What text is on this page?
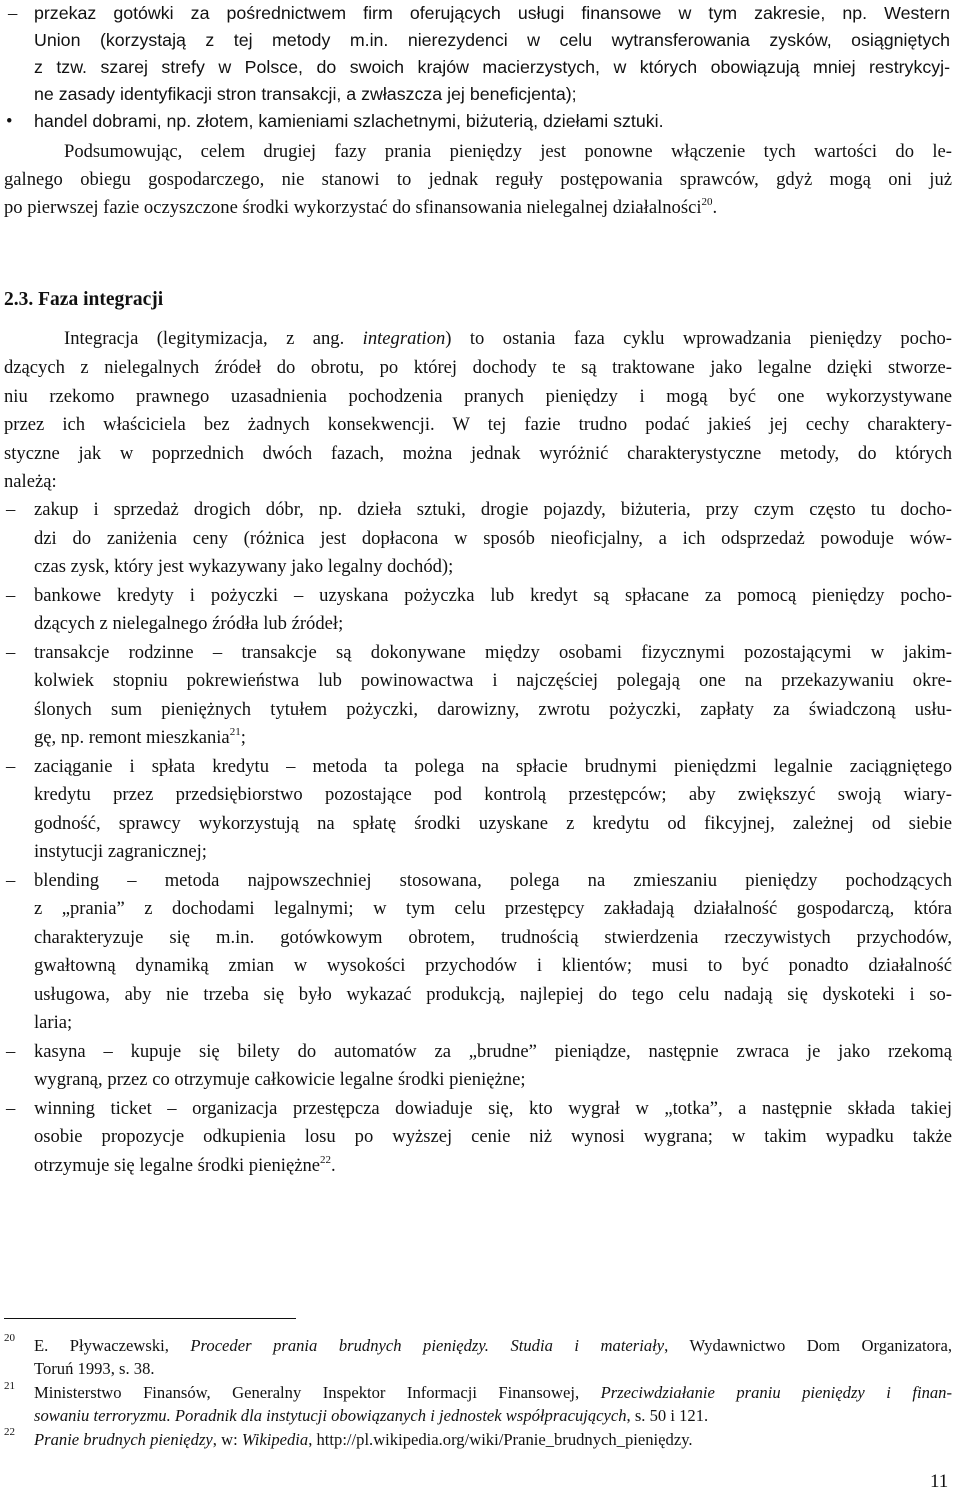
– przekaz gotówki za pośrednictwem firm oferujących usługi finansowe w tym zakresie, np. Western
Union (korzystają z tej metody m.in. nierezydenci w celu wytransferowania zysków, osiągniętych
z tzw. szarej strefy w Polsce, do swoich krajów macierzystych, w których obowiązują mniej restrykcyj-
ne zasady identyfikacji stron transakcji, a zwłaszcza jej beneficjenta);
• handel dobrami, np. złotem, kamieniami szlachetnymi, biżuterią, dziełami sztuki.
Podsumowując, celem drugiej fazy prania pieniędzy jest ponowne włączenie tych wartości do le-
galnego obiegu gospodarczego, nie stanowi to jednak reguły postępowania sprawców, gdyż mogą oni już
po pierwszej fazie oczyszczone środki wykorzystać do sfinansowania nielegalnej działalności$^{20}$.
2.3. Faza integracji
Integracja (legitymizacja, z ang. integration) to ostania faza cyklu wprowadzania pieniędzy pocho-
dzących z nielegalnych źródeł do obrotu, po której dochody te są traktowane jako legalne dzięki stworze-
niu rzekomo prawnego uzasadnienia pochodzenia pranych pieniędzy i mogą być one wykorzystywane
przez ich właściciela bez żadnych konsekwencji. W tej fazie trudno podać jakieś jej cechy charaktery-
styczne jak w poprzednich dwóch fazach, można jednak wyróżnić charakterystyczne metody, do których
należą:
– zakup i sprzedaż drogich dóbr, np. dzieła sztuki, drogie pojazdy, biżuteria, przy czym często tu docho-
dzi do zaniżenia ceny (różnica jest dopłacona w sposób nieoficjalny, a ich odsprzedaż powoduje wów-
czas zysk, który jest wykazywany jako legalny dochód);
– bankowe kredyty i pożyczki – uzyskana pożyczka lub kredyt są spłacane za pomocą pieniędzy pocho-
dzących z nielegalnego źródła lub źródeł;
– transakcje rodzinne – transakcje są dokonywane między osobami fizycznymi pozostającymi w jakim-
kolwiek stopniu pokrewieństwa lub powinowactwa i najczęściej polegają one na przekazywaniu okre-
ślonych sum pieniężnych tytułem pożyczki, darowizny, zwrotu pożyczki, zapłaty za świadczoną usłu-
gę, np. remont mieszkania$^{21}$;
– zaciąganie i spłata kredytu – metoda ta polega na spłacie brudnymi pieniędzmi legalnie zaciągniętego
kredytu przez przedsiębiorstwo pozostające pod kontrolą przestępców; aby zwiększyć swoją wiary-
godność, sprawcy wykorzystują na spłatę środki uzyskane z kredytu od fikcyjnej, zależnej od siebie
instytucji zagranicznej;
– blending – metoda najpowszechniej stosowana, polega na zmieszaniu pieniędzy pochodzących
z „prania” z dochodami legalnymi; w tym celu przestępcy zakładają działalność gospodarczą, która
charakteryzuje się m.in. gotówkowym obrotem, trudnością stwierdzenia rzeczywistych przychodów,
gwałtowną dynamiką zmian w wysokości przychodów i klientów; musi to być ponadto działalność
usługowa, aby nie trzeba się było wykazać produkcją, najlepiej do tego celu nadają się dyskoteki i so-
laria;
– kasyna – kupuje się bilety do automatów za „brudne” pieniądze, następnie zwraca je jako rzekomą
wygraną, przez co otrzymuje całkowicie legalne środki pieniężne;
– winning ticket – organizacja przestępcza dowiaduje się, kto wygrał w „totka”, a następnie składa takiej
osobie propozycje odkupienia losu po wyższej cenie niż wynosi wygrana; w takim wypadku także
otrzymuje się legalne środki pieniężne$^{22}$.
20 E. Pływaczewski, Proceder prania brudnych pieniędzy. Studia i materiały, Wydawnictwo Dom Organizatora,
Toruń 1993, s. 38.
21 Ministerstwo Finansów, Generalny Inspektor Informacji Finansowej, Przeciwdziałanie praniu pieniędzy i finan-
sowaniu terroryzmu. Poradnik dla instytucji obowiązanych i jednostek współpracujących, s. 50 i 121.
22 Pranie brudnych pieniędzy, w: Wikipedia, http://pl.wikipedia.org/wiki/Pranie_brudnych_pieniędzy.
11
